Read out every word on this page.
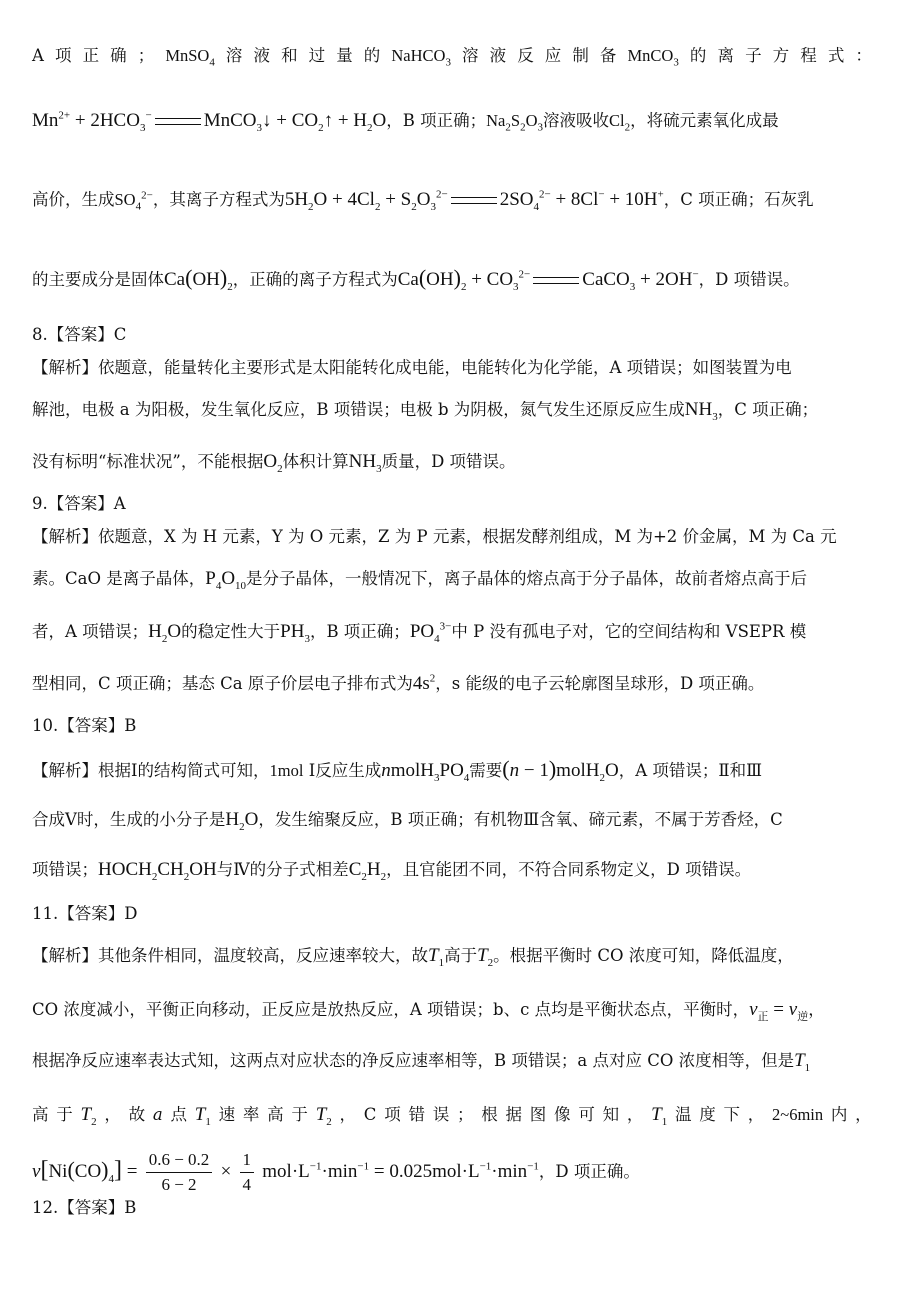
A 项 正 确 ； MnSO$_4$ 溶 液 和 过 量 的 NaHCO$_3$ 溶 液 反 应 制 备 MnCO$_3$ 的 离 子 方 程 式 ：
$Mn^{2+} + 2HCO_3^-$	MnCO$_3$↓ + $CO_2↑ + H_2O$，B 项正确；$Na_2S_2O_3$溶液吸收$Cl_2$，将硫元素氧化成最
高价，生成$SO_4^{2-}$，其离子方程式为$5H_2O + 4Cl_2 + S_2O_3^{2-}$	$2SO_4^{2-} + 8Cl^- + 10H^+$，C 项正确；石灰乳
的主要成分是固体$Ca(OH)_2$，正确的离子方程式为$Ca(OH)_2 + CO_3^{2-}$	CaCO$_3$ + 2OH−，D 项错误。
8.【答案】C
【解析】依题意，能量转化主要形式是太阳能转化成电能，电能转化为化学能，A 项错误；如图装置为电
解池，电极 a 为阳极，发生氧化反应，B 项错误；电极 b 为阴极，氮气发生还原反应生成$NH_3$，C 项正确；
没有标明“标准状况”，不能根据$O_2$体积计算$NH_3$质量，D 项错误。
9.【答案】A
【解析】依题意，X 为 H 元素，Y 为 O 元素，Z 为 P 元素，根据发酵剂组成，M 为+2 价金属，M 为 Ca 元
素。CaO 是离子晶体，$P_4O_{10}$是分子晶体，一般情况下，离子晶体的熔点高于分子晶体，故前者熔点高于后
者，A 项错误；$H_2O$的稳定性大于$PH_3$，B 项正确；$PO_4^{3-}$中 P 没有孤电子对，它的空间结构和 VSEPR 模
型相同，C 项正确；基态 Ca 原子价层电子排布式为$4s^2$，s 能级的电子云轮廓图呈球形，D 项正确。
10.【答案】B
【解析】根据Ⅰ的结构简式可知，1mol Ⅰ反应生成$nmolH_3PO_4$需要(n − 1)molH$_2$O，A 项错误；Ⅱ和Ⅲ
合成Ⅴ时，生成的小分子是$H_2O$，发生缩聚反应，B 项正确；有机物Ⅲ含氧、碲元素，不属于芳香烃，C
项错误；$HOCH_2CH_2OH$与Ⅳ的分子式相差$C_2H_2$，且官能团不同，不符合同系物定义，D 项错误。
11.【答案】D
【解析】其他条件相同，温度较高，反应速率较大，故$T_1$高于$T_2$。根据平衡时 CO 浓度可知，降低温度，
CO 浓度减小，平衡正向移动，正反应是放热反应，A 项错误；b、c 点均是平衡状态点，平衡时，$v_正 = v_逆$，
根据净反应速率表达式知，这两点对应状态的净反应速率相等，B 项错误；a 点对应 CO 浓度相等，但是$T_1$
高 于 $T_2$ ， 故 a 点 $T_1$ 速 率 高 于 $T_2$ ， C 项 错 误 ； 根 据 图 像 可 知 ， $T_1$ 温 度 下 ， 2~6min 内 ，
$v[Ni(CO)_4] = \frac{0.6 - 0.2}{6 - 2} \times \frac{1}{4} mol\cdot L^{-1}\cdot\min^{-1} = 0.025mol\cdot L^{-1}\cdot\min^{-1}$，D 项正确。
12.【答案】B
